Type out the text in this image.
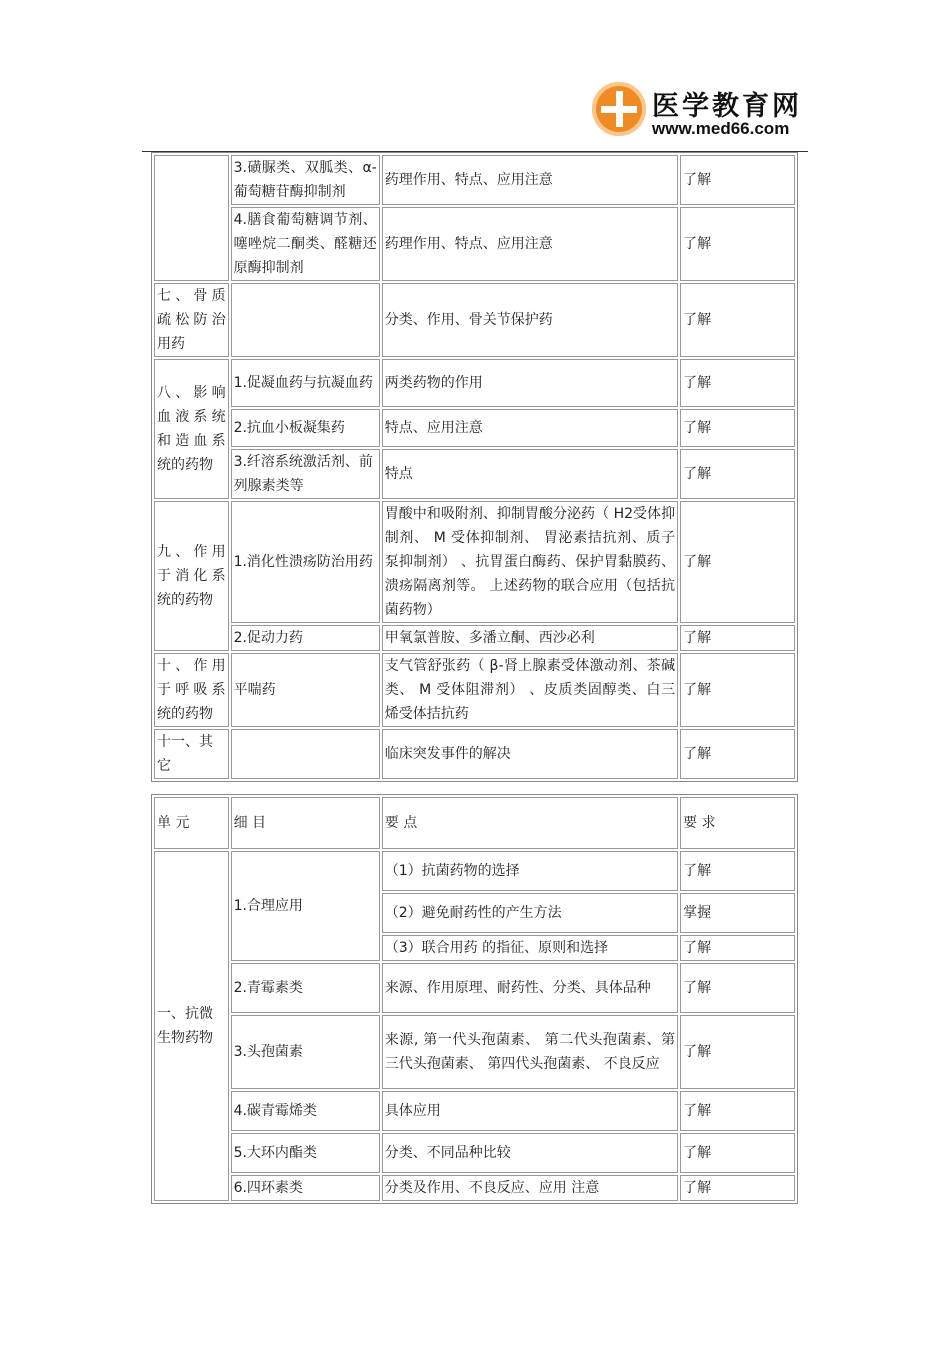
医学教育网
www.med66.com
	3.磺脲类、双胍类、α-葡萄糖苷酶抑制剂	药理作用、特点、应用注意	了解
	4.膳食葡萄糖调节剂、噻唑烷二酮类、醛糖还原酶抑制剂	药理作用、特点、应用注意	了解
七、骨质疏松防治用药		分类、作用、骨关节保护药	了解
八、影响血液系统和造血系统的药物	1.促凝血药与抗凝血药	两类药物的作用	了解
	2.抗血小板凝集药	特点、应用注意	了解
	3.纤溶系统激活剂、前列腺素类等	特点	了解
九、作用于消化系统的药物	1.消化性溃疡防治用药	胃酸中和吸附剂、抑制胃酸分泌药（ H2受体抑制剂、 M 受体抑制剂、 胃泌素拮抗剂、质子泵抑制剂） 、抗胃蛋白酶药、保护胃黏膜药、 溃疡隔离剂等。 上述药物的联合应用（包括抗菌药物）	了解
	2.促动力药	甲氧氯普胺、多潘立酮、西沙必利	了解
十、作用于呼吸系统的药物	平喘药	支气管舒张药（ β-肾上腺素受体激动剂、茶碱类、 M 受体阻滞剂） 、皮质类固醇类、白三烯受体拮抗药	了解
十一、其它		临床突发事件的解决	了解
单 元	细 目	要 点	要 求
一、抗微生物药物	1.合理应用	（1）抗菌药物的选择	了解
		（2）避免耐药性的产生方法	掌握
		（3）联合用药 的指征、原则和选择	了解
	2.青霉素类	来源、作用原理、耐药性、分类、具体品种	了解
	3.头孢菌素	来源, 第一代头孢菌素、 第二代头孢菌素、第三代头孢菌素、 第四代头孢菌素、 不良反应	了解
	4.碳青霉烯类	具体应用	了解
	5.大环内酯类	分类、不同品种比较	了解
	6.四环素类	分类及作用、不良反应、应用 注意	了解
